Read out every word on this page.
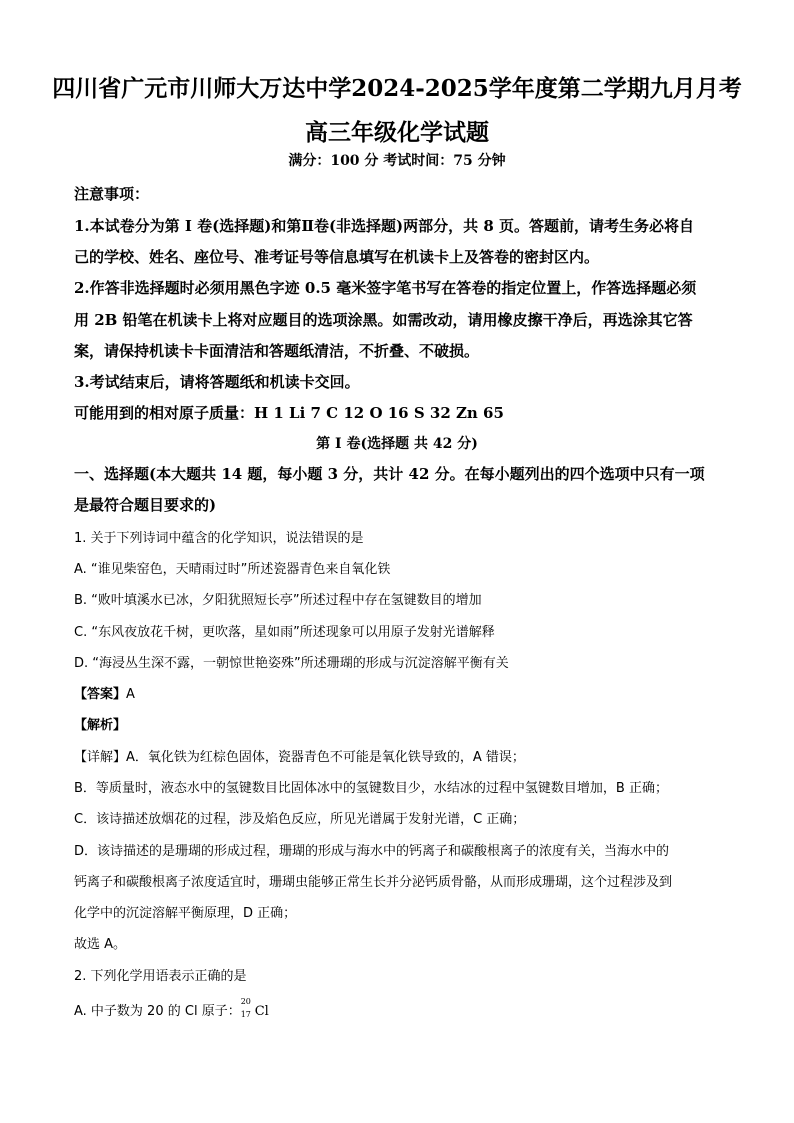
四川省广元市川师大万达中学2024-2025学年度第二学期九月月考
高三年级化学试题
满分：100 分 考试时间：75 分钟
注意事项：
1.本试卷分为第 I 卷(选择题)和第Ⅱ卷(非选择题)两部分，共 8 页。答题前，请考生务必将自
己的学校、姓名、座位号、准考证号等信息填写在机读卡上及答卷的密封区内。
2.作答非选择题时必须用黑色字迹 0.5 毫米签字笔书写在答卷的指定位置上，作答选择题必须
用 2B 铅笔在机读卡上将对应题目的选项涂黑。如需改动，请用橡皮擦干净后，再选涂其它答
案，请保持机读卡卡面清洁和答题纸清洁，不折叠、不破损。
3.考试结束后，请将答题纸和机读卡交回。
可能用到的相对原子质量：H 1 Li 7 C 12 O 16 S 32 Zn 65
第 I 卷(选择题 共 42 分)
一、选择题(本大题共 14 题，每小题 3 分，共计 42 分。在每小题列出的四个选项中只有一项
是最符合题目要求的)
1. 关于下列诗词中蕴含的化学知识，说法错误的是
A. “谁见柴窑色，天晴雨过时”所述瓷器青色来自氧化铁
B. “败叶填溪水已冰，夕阳犹照短长亭”所述过程中存在氢键数目的增加
C. “东风夜放花千树，更吹落，星如雨”所述现象可以用原子发射光谱解释
D. “海浸丛生深不露，一朝惊世艳姿殊”所述珊瑚的形成与沉淀溶解平衡有关
【答案】A
【解析】
【详解】A．氧化铁为红棕色固体，瓷器青色不可能是氧化铁导致的，A 错误；
B．等质量时，液态水中的氢键数目比固体冰中的氢键数目少，水结冰的过程中氢键数目增加，B 正确；
C．该诗描述放烟花的过程，涉及焰色反应，所见光谱属于发射光谱，C 正确；
D．该诗描述的是珊瑚的形成过程，珊瑚的形成与海水中的钙离子和碳酸根离子的浓度有关，当海水中的
钙离子和碳酸根离子浓度适宜时，珊瑚虫能够正常生长并分泌钙质骨骼，从而形成珊瑚，这个过程涉及到
化学中的沉淀溶解平衡原理，D 正确；
故选 A。
2. 下列化学用语表示正确的是
A. 中子数为 20 的 Cl 原子：
20
17 Cl
